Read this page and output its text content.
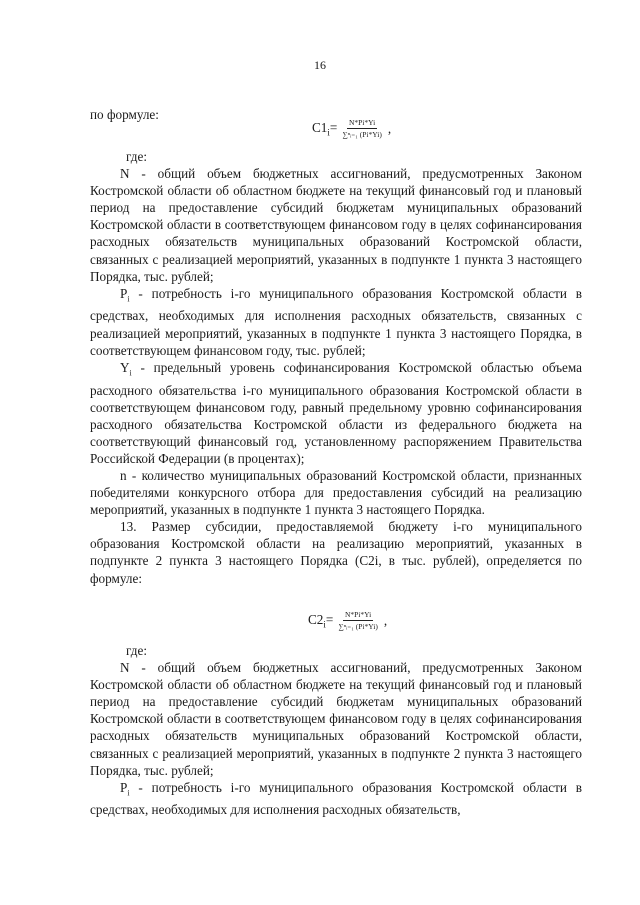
16

по формуле:

$C1_i= \frac{N*Pi*Yi}{\text{∑ⁿᵢ₌₁ (Pi*Yi)}}$ ,

где:

N - общий объем бюджетных ассигнований, предусмотренных Законом Костромской области об областном бюджете на текущий финансовый год и плановый период на предоставление субсидий бюджетам муниципальных образований Костромской области в соответствующем финансовом году в целях софинансирования расходных обязательств муниципальных образований Костромской области, связанных с реализацией мероприятий, указанных в подпункте 1 пункта 3 настоящего Порядка, тыс. рублей;

$P_i$ - потребность i-го муниципального образования Костромской области в средствах, необходимых для исполнения расходных обязательств, связанных с реализацией мероприятий, указанных в подпункте 1 пункта 3 настоящего Порядка, в соответствующем финансовом году, тыс. рублей;

$Y_i$ - предельный уровень софинансирования Костромской областью объема расходного обязательства i-го муниципального образования Костромской области в соответствующем финансовом году, равный предельному уровню софинансирования расходного обязательства Костромской области из федерального бюджета на соответствующий финансовый год, установленному распоряжением Правительства Российской Федерации (в процентах);

n - количество муниципальных образований Костромской области, признанных победителями конкурсного отбора для предоставления субсидий на реализацию мероприятий, указанных в подпункте 1 пункта 3 настоящего Порядка.

13. Размер субсидии, предоставляемой бюджету i-го муниципального образования Костромской области на реализацию мероприятий, указанных в подпункте 2 пункта 3 настоящего Порядка (C2i, в тыс. рублей), определяется по формуле:

$C2_i= \frac{N*Pi*Yi}{\text{∑ⁿᵢ₌₁ (Pi*Yi)}}$ ,

где:

N - общий объем бюджетных ассигнований, предусмотренных Законом Костромской области об областном бюджете на текущий финансовый год и плановый период на предоставление субсидий бюджетам муниципальных образований Костромской области в соответствующем финансовом году в целях софинансирования расходных обязательств муниципальных образований Костромской области, связанных с реализацией мероприятий, указанных в подпункте 2 пункта 3 настоящего Порядка, тыс. рублей;

$P_i$ - потребность i-го муниципального образования Костромской области в средствах, необходимых для исполнения расходных обязательств,
